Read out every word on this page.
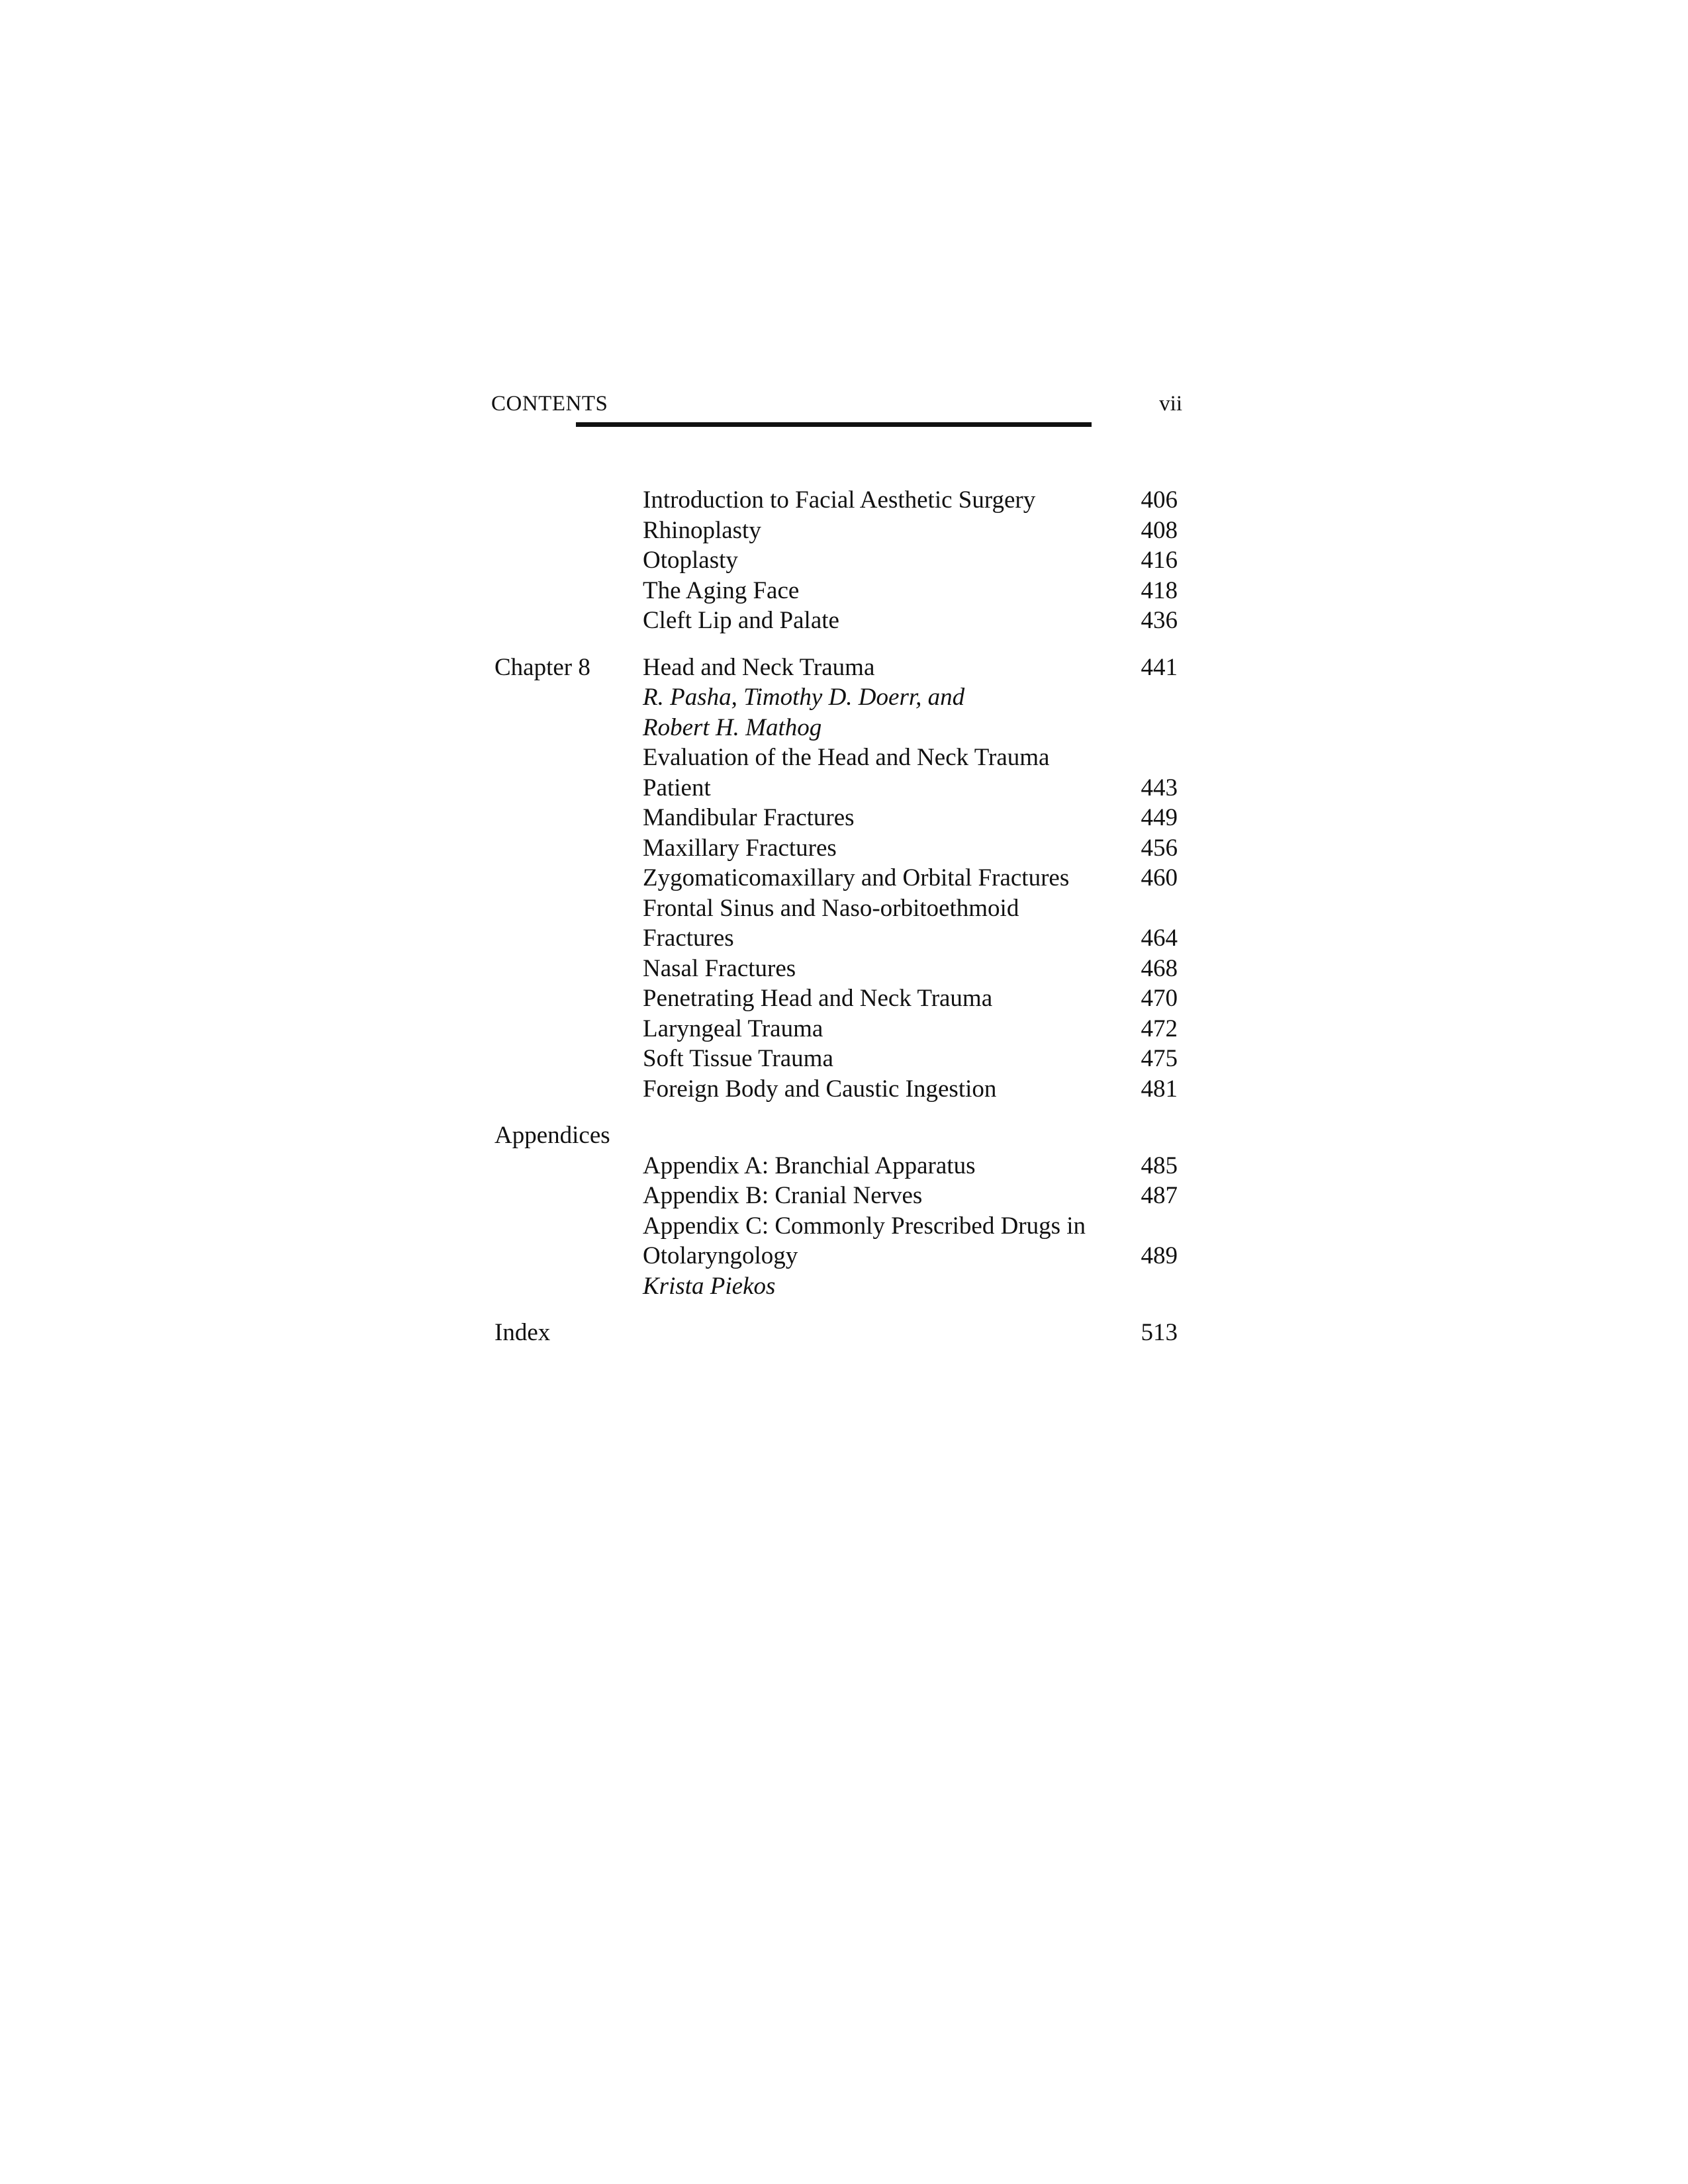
CONTENTS	vii
Introduction to Facial Aesthetic Surgery	406
Rhinoplasty	408
Otoplasty	416
The Aging Face	418
Cleft Lip and Palate	436
Chapter 8 Head and Neck Trauma	441
R. Pasha, Timothy D. Doerr, and
Robert H. Mathog
Evaluation of the Head and Neck Trauma
Patient	443
Mandibular Fractures	449
Maxillary Fractures	456
Zygomaticomaxillary and Orbital Fractures	460
Frontal Sinus and Naso-orbitoethmoid
Fractures	464
Nasal Fractures	468
Penetrating Head and Neck Trauma	470
Laryngeal Trauma	472
Soft Tissue Trauma	475
Foreign Body and Caustic Ingestion	481
Appendices
Appendix A: Branchial Apparatus	485
Appendix B: Cranial Nerves	487
Appendix C: Commonly Prescribed Drugs in
Otolaryngology	489
Krista Piekos
Index	513
